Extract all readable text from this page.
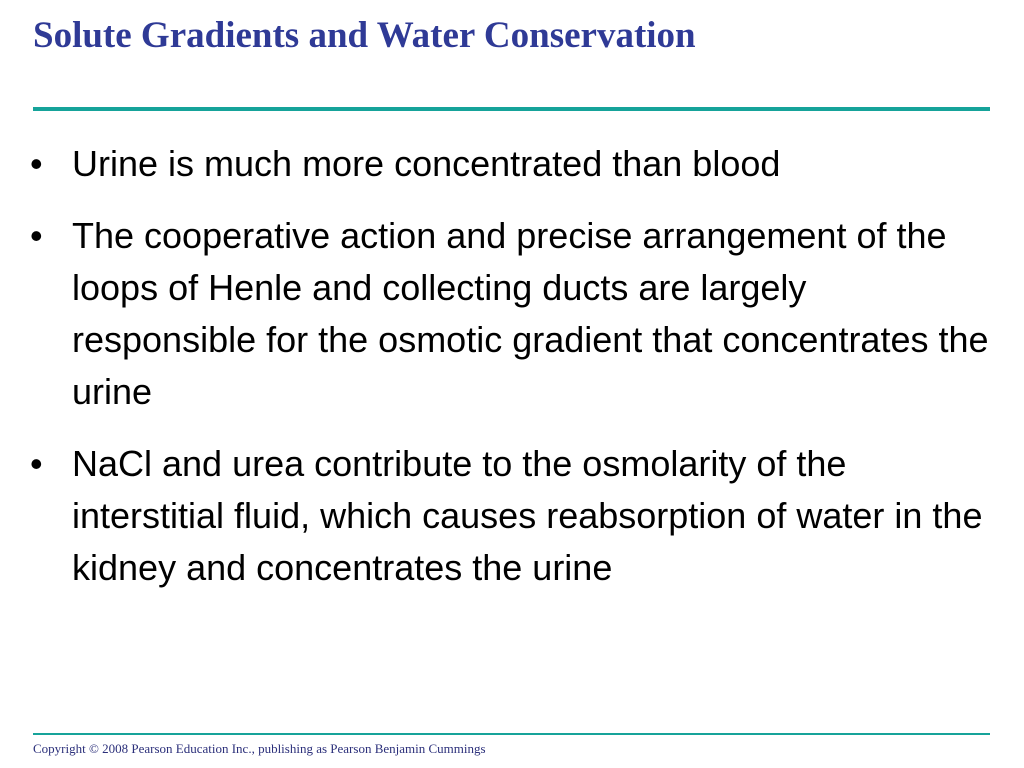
Solute Gradients and Water Conservation
• Urine is much more concentrated than blood
• The cooperative action and precise arrangement of the loops of Henle and collecting ducts are largely responsible for the osmotic gradient that concentrates the urine
• NaCl and urea contribute to the osmolarity of the interstitial fluid, which causes reabsorption of water in the kidney and concentrates the urine

Copyright © 2008 Pearson Education Inc., publishing as Pearson Benjamin Cummings
